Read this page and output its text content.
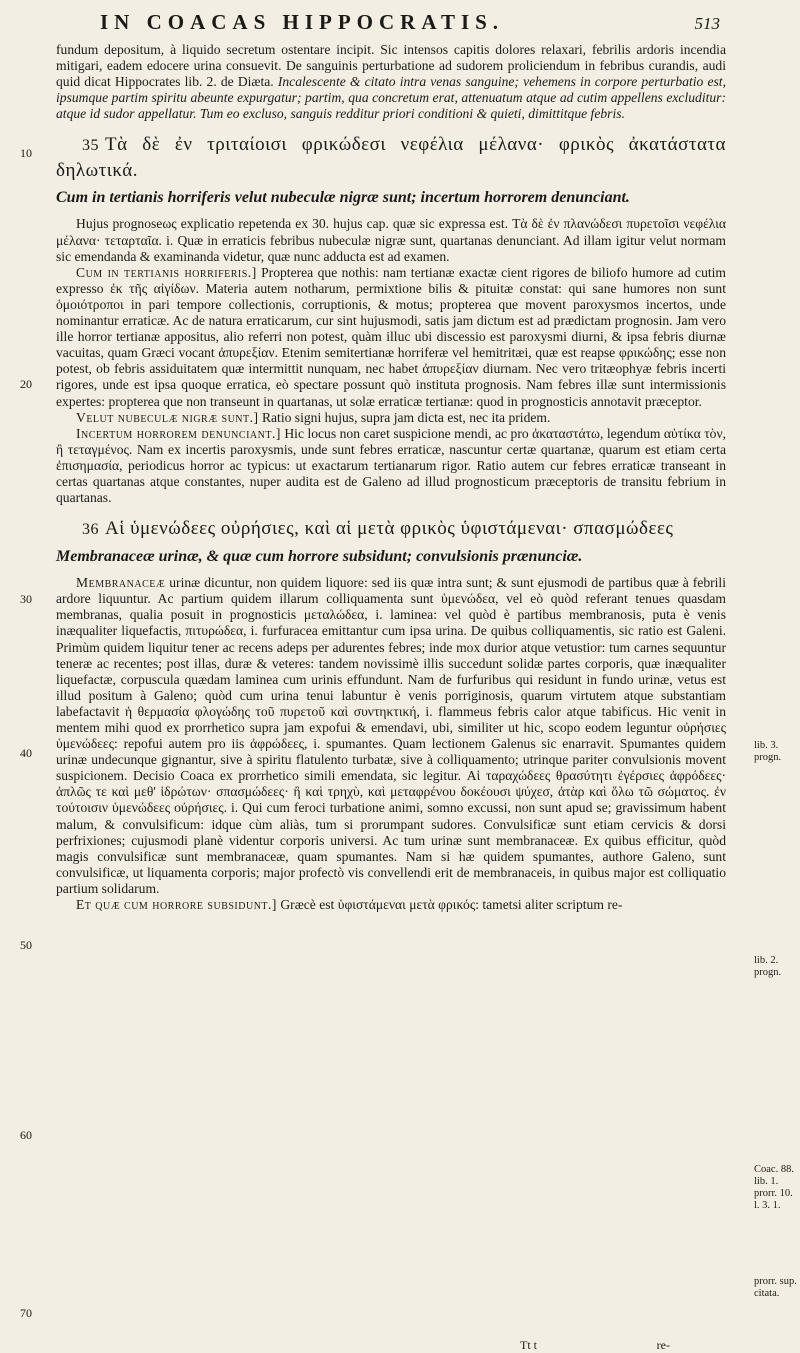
IN COACAS HIPPOCRATIS.	513
10
20
30
40
50
60
70
lib. 3. progn.
lib. 2. progn.
Coac. 88. lib. 1. prorr. 10. l. 3. 1.
prorr. sup. citata.

fundum depositum, à liquido secretum ostentare incipit. Sic intensos capitis dolores relaxari, febrilis ardoris incendia mitigari, eadem edocere urina consuevit. De sanguinis perturbatione ad sudorem proliciendum in febribus curandis, audi quid dicat Hippocrates lib. 2. de Diæta. Incalescente & citato intra venas sanguine; vehemens in corpore perturbatio est, ipsumque partim spiritu abeunte expurgatur; partim, qua concretum erat, attenuatum atque ad cutim appellens excluditur: atque id sudor appellatur. Tum eo excluso, sanguis redditur priori conditioni & quieti, dimittitque febris.

35 Τὰ δὲ ἐν τριταίοισι φρικώδεσι νεφέλια μέλανα· φρικὸς ἀκατάστατα δηλωτικά.

Cum in tertianis horriferis velut nubeculæ nigræ sunt; incertum horrorem denunciant.

Hujus prognoseως explicatio repetenda ex 30. hujus cap. quæ sic expressa est. Τὰ δὲ ἐν πλανώδεσι πυρετοῖσι νεφέλια μέλανα· τεταρταῖα. i. Quæ in erraticis febribus nubeculæ nigræ sunt, quartanas denunciant. Ad illam igitur velut normam sic emendanda & examinanda videtur, quæ nunc adducta est ad examen.

Cum in tertianis horriferis.] Propterea que nothis: nam tertianæ exactæ cient rigores de biliofo humore ad cutim expresso ἐκ τῆς αἰγίδων. Materia autem notharum, permixtione bilis & pituitæ constat: qui sane humores non sunt ὁμοιότροποι in pari tempore collectionis, corruptionis, & motus; propterea que movent paroxysmos incertos, unde nominantur erraticæ. Ac de natura erraticarum, cur sint hujusmodi, satis jam dictum est ad prædictam prognosin. Jam vero ille horror tertianæ appositus, alio referri non potest, quàm illuc ubi discessio est paroxysmi diurni, & ipsa febris diurnæ vacuitas, quam Græci vocant ἀπυρεξίαν. Etenim semitertianæ horriferæ vel hemitritæi, quæ est reapse φρικώδης; esse non potest, ob febris assiduitatem quæ intermittit nunquam, nec habet ἀπυρεξίαν diurnam. Nec vero tritæophyæ febris incerti rigores, unde est ipsa quoque erratica, eò spectare possunt quò instituta prognosis. Nam febres illæ sunt intermissionis expertes: propterea que non transeunt in quartanas, ut solæ erraticæ tertianæ: quod in prognosticis annotavit præceptor.

Velut nubeculæ nigræ sunt.] Ratio signi hujus, supra jam dicta est, nec ita pridem.

Incertum horrorem denunciant.] Hic locus non caret suspicione mendi, ac pro ἀκαταστάτω, legendum αὐτίκα τὸν, ἢ τεταγμένος. Nam ex incertis paroxysmis, unde sunt febres erraticæ, nascuntur certæ quartanæ, quarum est etiam certa ἐπισημασία, periodicus horror ac typicus: ut exactarum tertianarum rigor. Ratio autem cur febres erraticæ transeant in certas quartanas atque constantes, nuper audita est de Galeno ad illud prognosticum præceptoris de transitu febrium in quartanas.

36 Αἱ ὑμενώδεες οὐρήσιες, καὶ αἱ μετὰ φρικὸς ὑφιστάμεναι· σπασμώδεες

Membranaceæ urinæ, & quæ cum horrore subsidunt; convulsionis prænunciæ.

Membranaceæ urinæ dicuntur, non quidem liquore: sed iis quæ intra sunt; & sunt ejusmodi de partibus quæ à febrili ardore liquuntur. Ac partium quidem illarum colliquamenta sunt ὑμενώδεα, vel eò quòd referant tenues quasdam membranas, qualia posuit in prognosticis μεταλώδεα, i. laminea: vel quòd è partibus membranosis, puta è venis inæqualiter liquefactis, πιτυρώδεα, i. furfuracea emittantur cum ipsa urina. De quibus colliquamentis, sic ratio est Galeni. Primùm quidem liquitur tener ac recens adeps per adurentes febres; inde mox durior atque vetustior: tum carnes sequuntur teneræ ac recentes; post illas, duræ & veteres: tandem novissimè illis succedunt solidæ partes corporis, quæ inæqualiter liquefactæ, corpuscula quædam laminea cum urinis effundunt. Nam de furfuribus qui residunt in fundo urinæ, vetus est illud positum à Galeno; quòd cum urina tenui labuntur è venis porriginosis, quarum virtutem atque substantiam labefactavit ἡ θερμασία φλογώδης τοῦ πυρετοῦ καὶ συντηκτική, i. flammeus febris calor atque tabificus. Hic venit in mentem mihi quod ex prorrhetico supra jam expofui & emendavi, ubi, similiter ut hic, scopo eodem leguntur οὐρήσιες ὑμενώδεες: repofui autem pro iis ἀφρώδεες, i. spumantes. Quam lectionem Galenus sic enarravit. Spumantes quidem urinæ undecunque gignantur, sive à spiritu flatulento turbatæ, sive à colliquamento; utrinque pariter convulsionis movent suspicionem. Decisio Coaca ex prorrhetico simili emendata, sic legitur. Αἱ ταραχώδεες θρασύτητι ἐγέρσιες ἀφρόδεες· ἀπλῶς τε καὶ μεθ' ἱδρώτων· σπασμώδεες· ἢ καὶ τρηχὺ, καὶ μεταφρένου δοκέουσι ψύχεσ, ἀτὰρ καὶ ὅλω τῶ σώματος. ἐν τούτοισιν ὑμενώδεες οὐρήσιες. i. Qui cum feroci turbatione animi, somno excussi, non sunt apud se; gravissimum habent malum, & convulsificum: idque cùm aliàs, tum si prorumpant sudores. Convulsificæ sunt etiam cervicis & dorsi perfrixiones; cujusmodi planè videntur corporis universi. Ac tum urinæ sunt membranaceæ. Ex quibus efficitur, quòd magis convulsificæ sunt membranaceæ, quam spumantes. Nam si hæ quidem spumantes, authore Galeno, sunt convulsificæ, ut liquamenta corporis; major profectò vis convellendi erit de membranaceis, in quibus major est colliquatio partium solidarum.

Et quæ cum horrore subsidunt.] Græcè est ὑφιστάμεναι μετὰ φρικός: tametsi aliter scriptum re-

Tt t	re-
